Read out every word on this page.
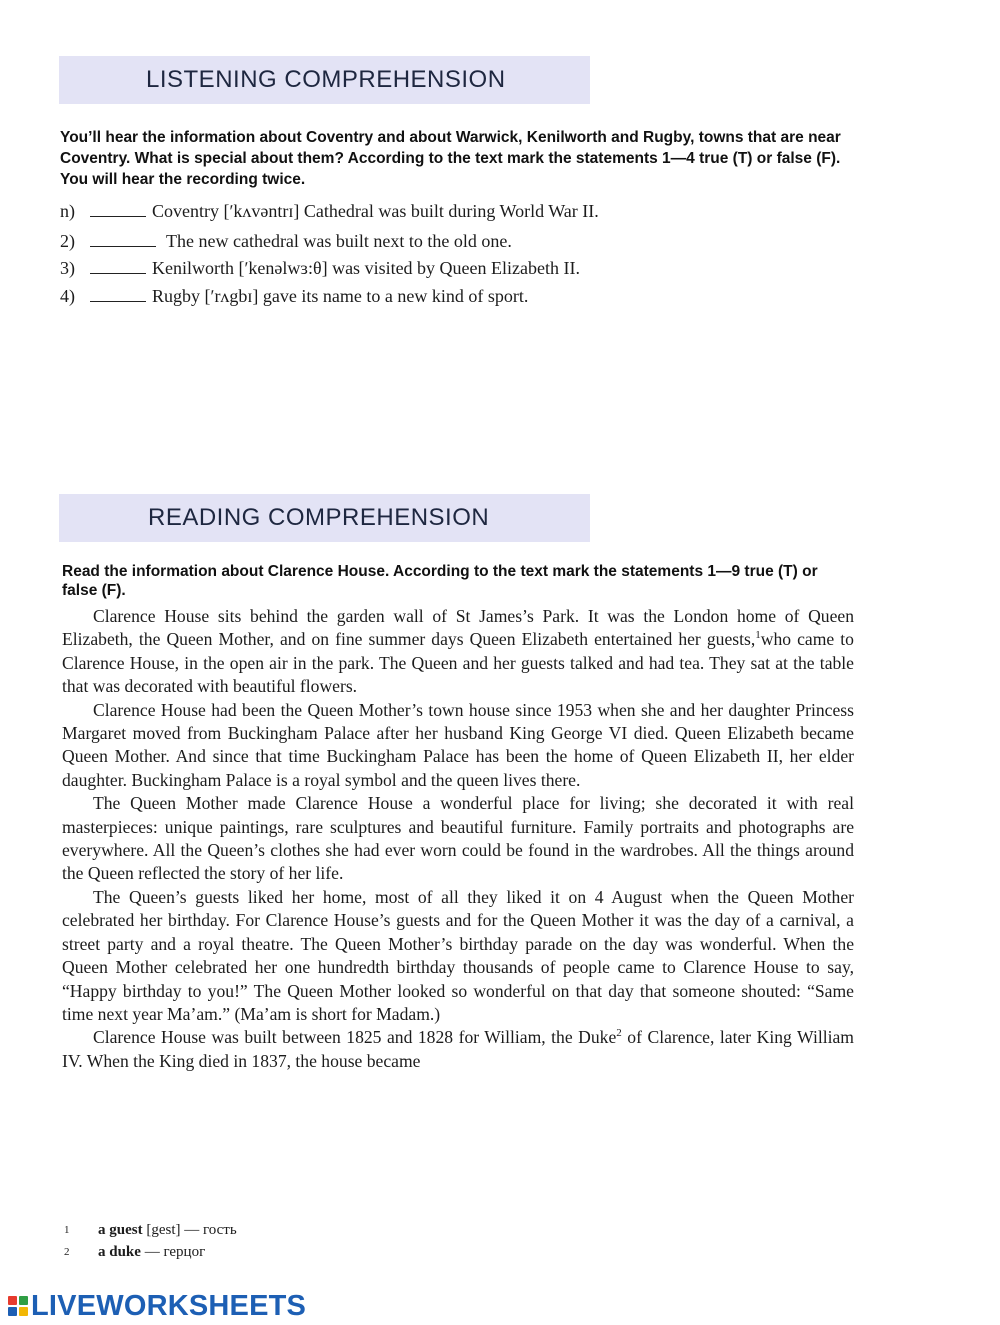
LISTENING COMPREHENSION
You’ll hear the information about Coventry and about Warwick, Kenilworth and Rugby, towns that are near Coventry. What is special about them? According to the text mark the statements 1—4 true (T) or false (F). You will hear the recording twice.
n)	Coventry [ʹkʌvəntrɪ] Cathedral was built during World War II.
2)	The new cathedral was built next to the old one.
3)	Kenilworth [ʹkenəlwɜ:θ] was visited by Queen Elizabeth II.
4)	Rugby [ʹrʌgbɪ] gave its name to a new kind of sport.
READING COMPREHENSION
Read the information about Clarence House. According to the text mark the statements 1—9 true (T) or false (F).

Clarence House sits behind the garden wall of St James’s Park. It was the London home of Queen Elizabeth, the Queen Mother, and on fine summer days Queen Elizabeth entertained her guests,$^1$who came to Clarence House, in the open air in the park. The Queen and her guests talked and had tea. They sat at the table that was decorated with beautiful flowers.

Clarence House had been the Queen Mother’s town house since 1953 when she and her daughter Princess Margaret moved from Buckingham Palace after her husband King George VI died. Queen Elizabeth became Queen Mother. And since that time Buckingham Palace has been the home of Queen Elizabeth II, her elder daughter. Buckingham Palace is a royal symbol and the queen lives there.

The Queen Mother made Clarence House a wonderful place for living; she decorated it with real masterpieces: unique paintings, rare sculptures and beautiful furniture. Family portraits and photographs are everywhere. All the Queen’s clothes she had ever worn could be found in the wardrobes. All the things around the Queen reflected the story of her life.

The Queen’s guests liked her home, most of all they liked it on 4 August when the Queen Mother celebrated her birthday. For Clarence House’s guests and for the Queen Mother it was the day of a carnival, a street party and a royal theatre. The Queen Mother’s birthday parade on the day was wonderful. When the Queen Mother celebrated her one hundredth birthday thousands of people came to Clarence House to say, “Happy birthday to you!” The Queen Mother looked so wonderful on that day that someone shouted: “Same time next year Ma’am.” (Ma’am is short for Madam.)

Clarence House was built between 1825 and 1828 for William, the Duke$^2$ of Clarence, later King William IV. When the King died in 1837, the house became

1 a guest [gest] — гость
2 a duke — герцог
LIVEWORKSHEETS
